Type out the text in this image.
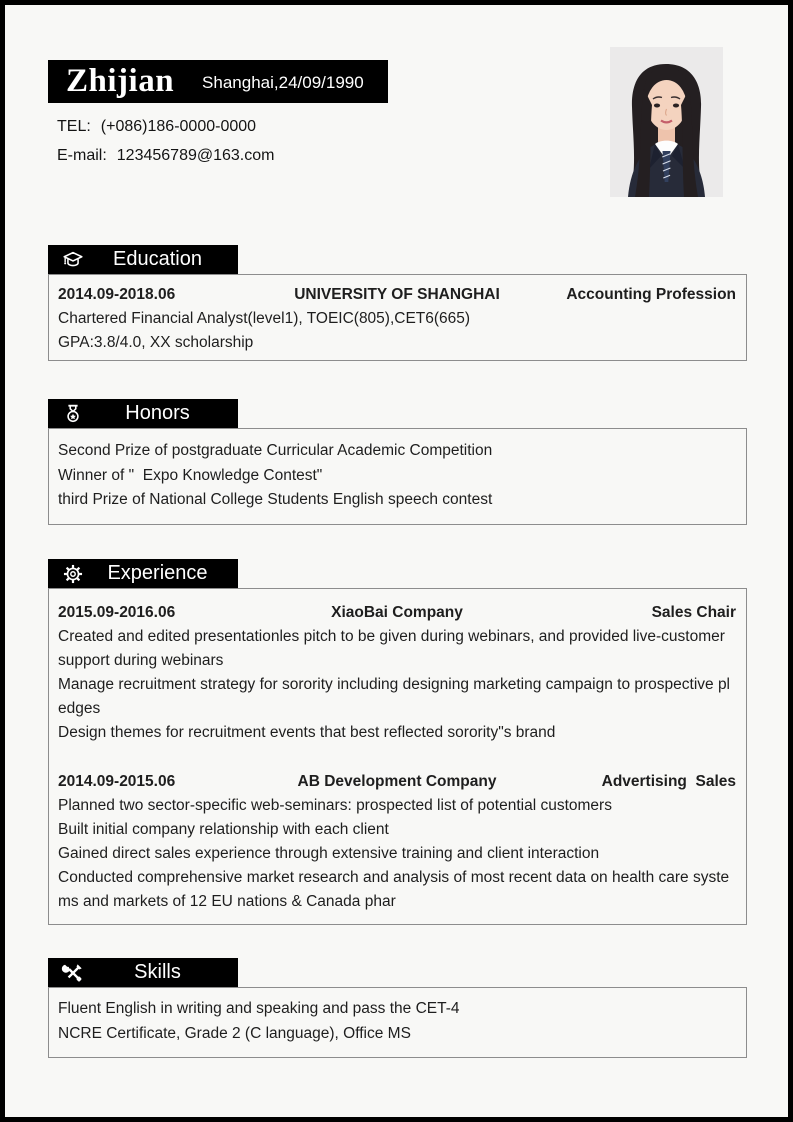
Zhijian Shanghai,24/09/1990
TEL: (+086)186-0000-0000
E-mail: 123456789@163.com
Education
2014.09-2018.06	UNIVERSITY OF SHANGHAI	Accounting Profession
Chartered Financial Analyst(level1), TOEIC(805),CET6(665)
GPA:3.8/4.0, XX scholarship
Honors
Second Prize of postgraduate Curricular Academic Competition
Winner of "  Expo Knowledge Contest"
third Prize of National College Students English speech contest
Experience
2015.09-2016.06	XiaoBai Company	Sales Chair
Created and edited presentationles pitch to be given during webinars, and provided live-customer support during webinars
Manage recruitment strategy for sorority including designing marketing campaign to prospective pledges
Design themes for recruitment events that best reflected sorority"s brand
2014.09-2015.06	AB Development Company	Advertising  Sales
Planned two sector-specific web-seminars: prospected list of potential customers
Built initial company relationship with each client
Gained direct sales experience through extensive training and client interaction
Conducted comprehensive market research and analysis of most recent data on health care systems and markets of 12 EU nations & Canada phar
Skills
Fluent English in writing and speaking and pass the CET-4
NCRE Certificate, Grade 2 (C language), Office MS
